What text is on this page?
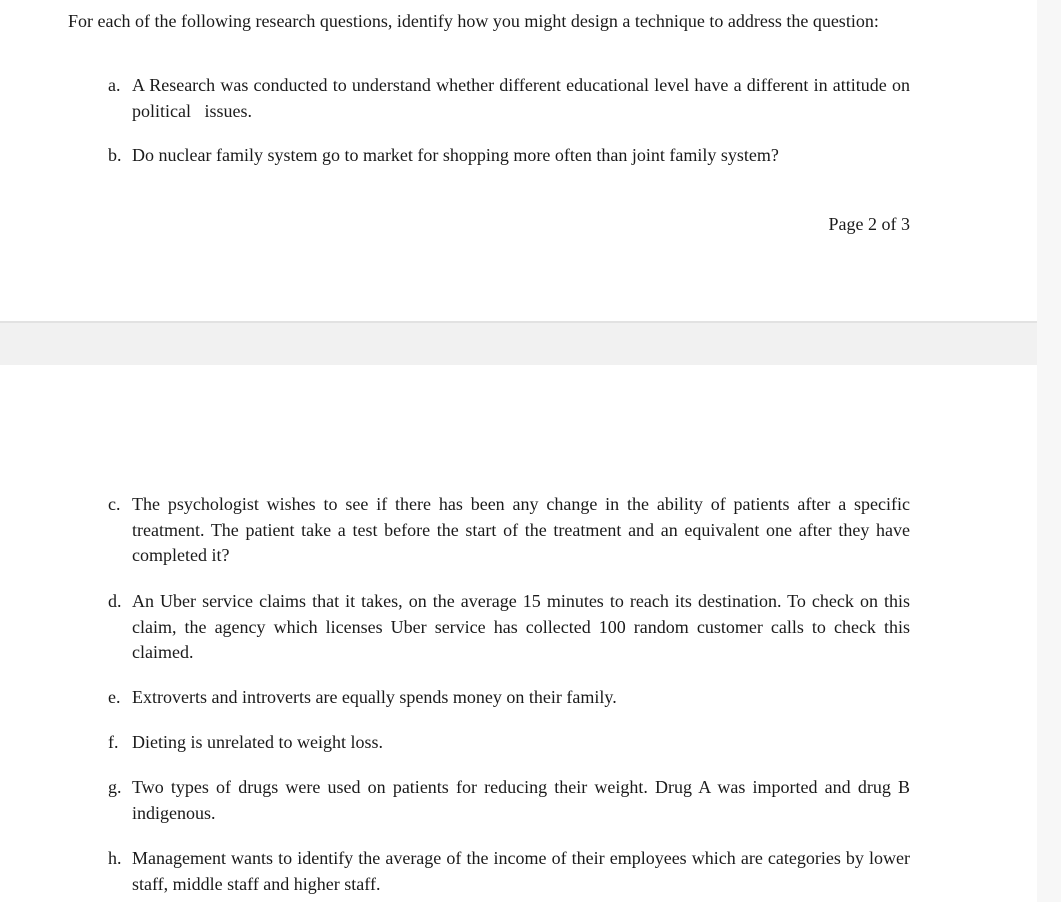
For each of the following research questions, identify how you might design a technique to address the question:

a. A Research was conducted to understand whether different educational level have a different in attitude on political   issues.
b. Do nuclear family system go to market for shopping more often than joint family system?
Page 2 of 3
c. The psychologist wishes to see if there has been any change in the ability of patients after a specific treatment. The patient take a test before the start of the treatment and an equivalent one after they have completed it?
d. An Uber service claims that it takes, on the average 15 minutes to reach its destination. To check on this claim, the agency which licenses Uber service has collected 100 random customer calls to check this claimed.
e. Extroverts and introverts are equally spends money on their family.
f. Dieting is unrelated to weight loss.
g. Two types of drugs were used on patients for reducing their weight. Drug A was imported and drug B indigenous.
h. Management wants to identify the average of the income of their employees which are categories by lower staff, middle staff and higher staff.
